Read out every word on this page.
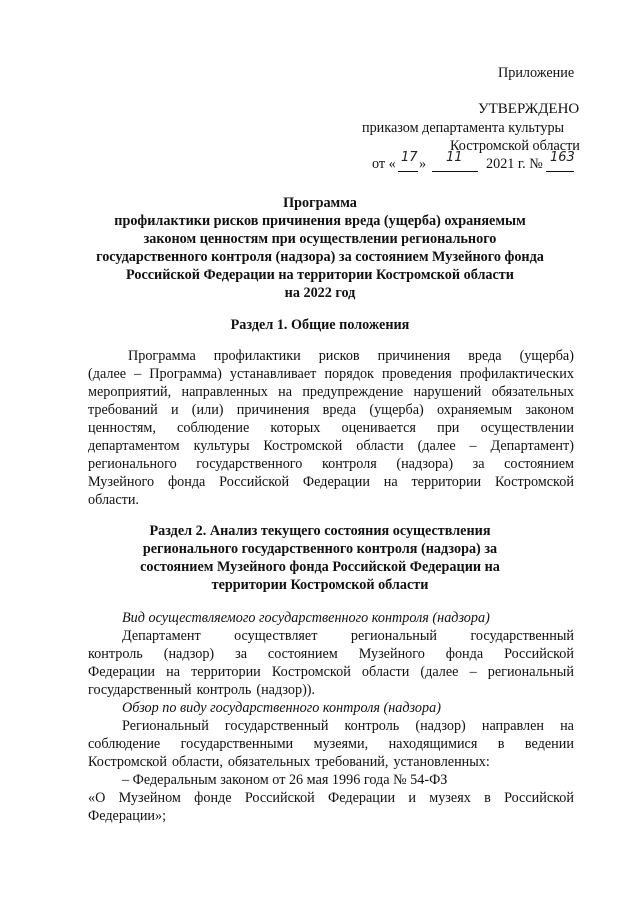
Приложение
УТВЕРЖДЕНО
приказом департамента культуры
Костромской области
от « 17 » 11 2021 г. № 163
Программа
профилактики рисков причинения вреда (ущерба) охраняемым
законом ценностям при осуществлении регионального
государственного контроля (надзора) за состоянием Музейного фонда
Российской Федерации на территории Костромской области
на 2022 год
Раздел 1. Общие положения
Программа профилактики рисков причинения вреда (ущерба)
(далее – Программа) устанавливает порядок проведения профилактических
мероприятий, направленных на предупреждение нарушений обязательных
требований и (или) причинения вреда (ущерба) охраняемым законом
ценностям, соблюдение которых оценивается при осуществлении
департаментом культуры Костромской области (далее – Департамент)
регионального государственного контроля (надзора) за состоянием
Музейного фонда Российской Федерации на территории Костромской
области.
Раздел 2. Анализ текущего состояния осуществления
регионального государственного контроля (надзора) за
состоянием Музейного фонда Российской Федерации на
территории Костромской области
Вид осуществляемого государственного контроля (надзора)
Департамент осуществляет региональный государственный
контроль (надзор) за состоянием Музейного фонда Российской
Федерации на территории Костромской области (далее – региональный
государственный контроль (надзор)).
Обзор по виду государственного контроля (надзора)
Региональный государственный контроль (надзор) направлен на
соблюдение государственными музеями, находящимися в ведении
Костромской области, обязательных требований, установленных:
– Федеральным законом от 26 мая 1996 года № 54-ФЗ
«О Музейном фонде Российской Федерации и музеях в Российской
Федерации»;
